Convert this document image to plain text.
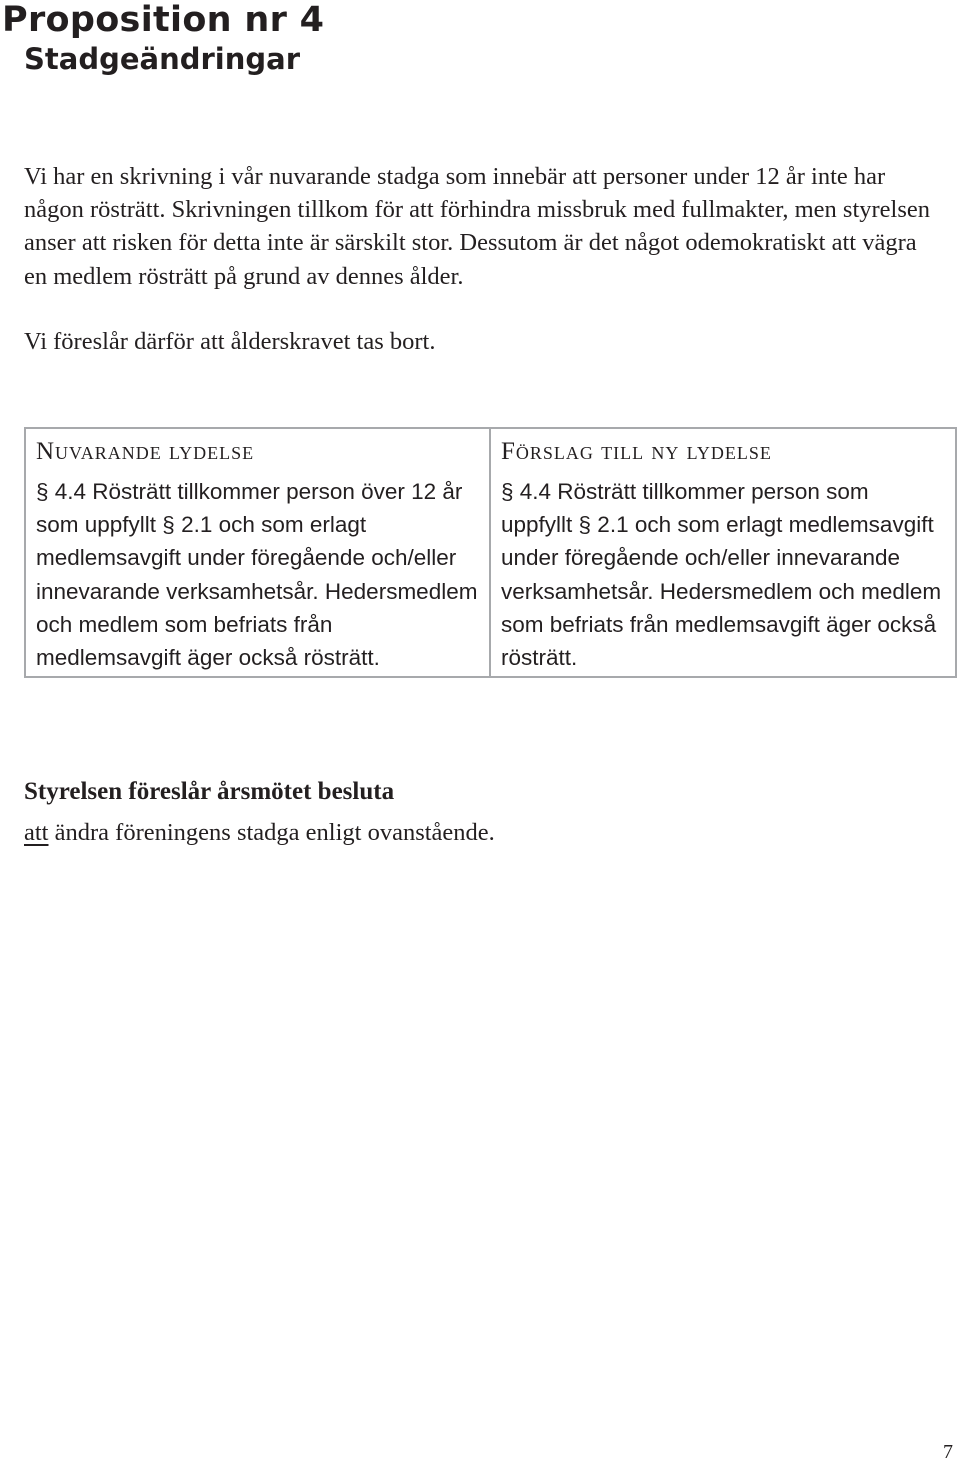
Proposition nr 4
Stadgeändringar

Vi har en skrivning i vår nuvarande stadga som innebär att personer under 12 år inte har någon rösträtt. Skrivningen tillkom för att förhindra missbruk med fullmakter, men styrelsen anser att risken för detta inte är särskilt stor. Dessutom är det något odemokratiskt att vägra en medlem rösträtt på grund av dennes ålder.

Vi föreslår därför att ålderskravet tas bort.

Nuvarande lydelse

§ 4.4 Rösträtt tillkommer person över 12 år som uppfyllt § 2.1 och som erlagt medlemsavgift under föregående och/eller innevarande verksamhetsår. Hedersmedlem och medlem som befriats från medlemsavgift äger också rösträtt.

Förslag till ny lydelse

§ 4.4 Rösträtt tillkommer person som uppfyllt § 2.1 och som erlagt medlemsavgift under föregående och/eller innevarande verksamhetsår. Hedersmedlem och medlem som befriats från medlemsavgift äger också rösträtt.

Styrelsen föreslår årsmötet besluta

att ändra föreningens stadga enligt ovanstående.

7
